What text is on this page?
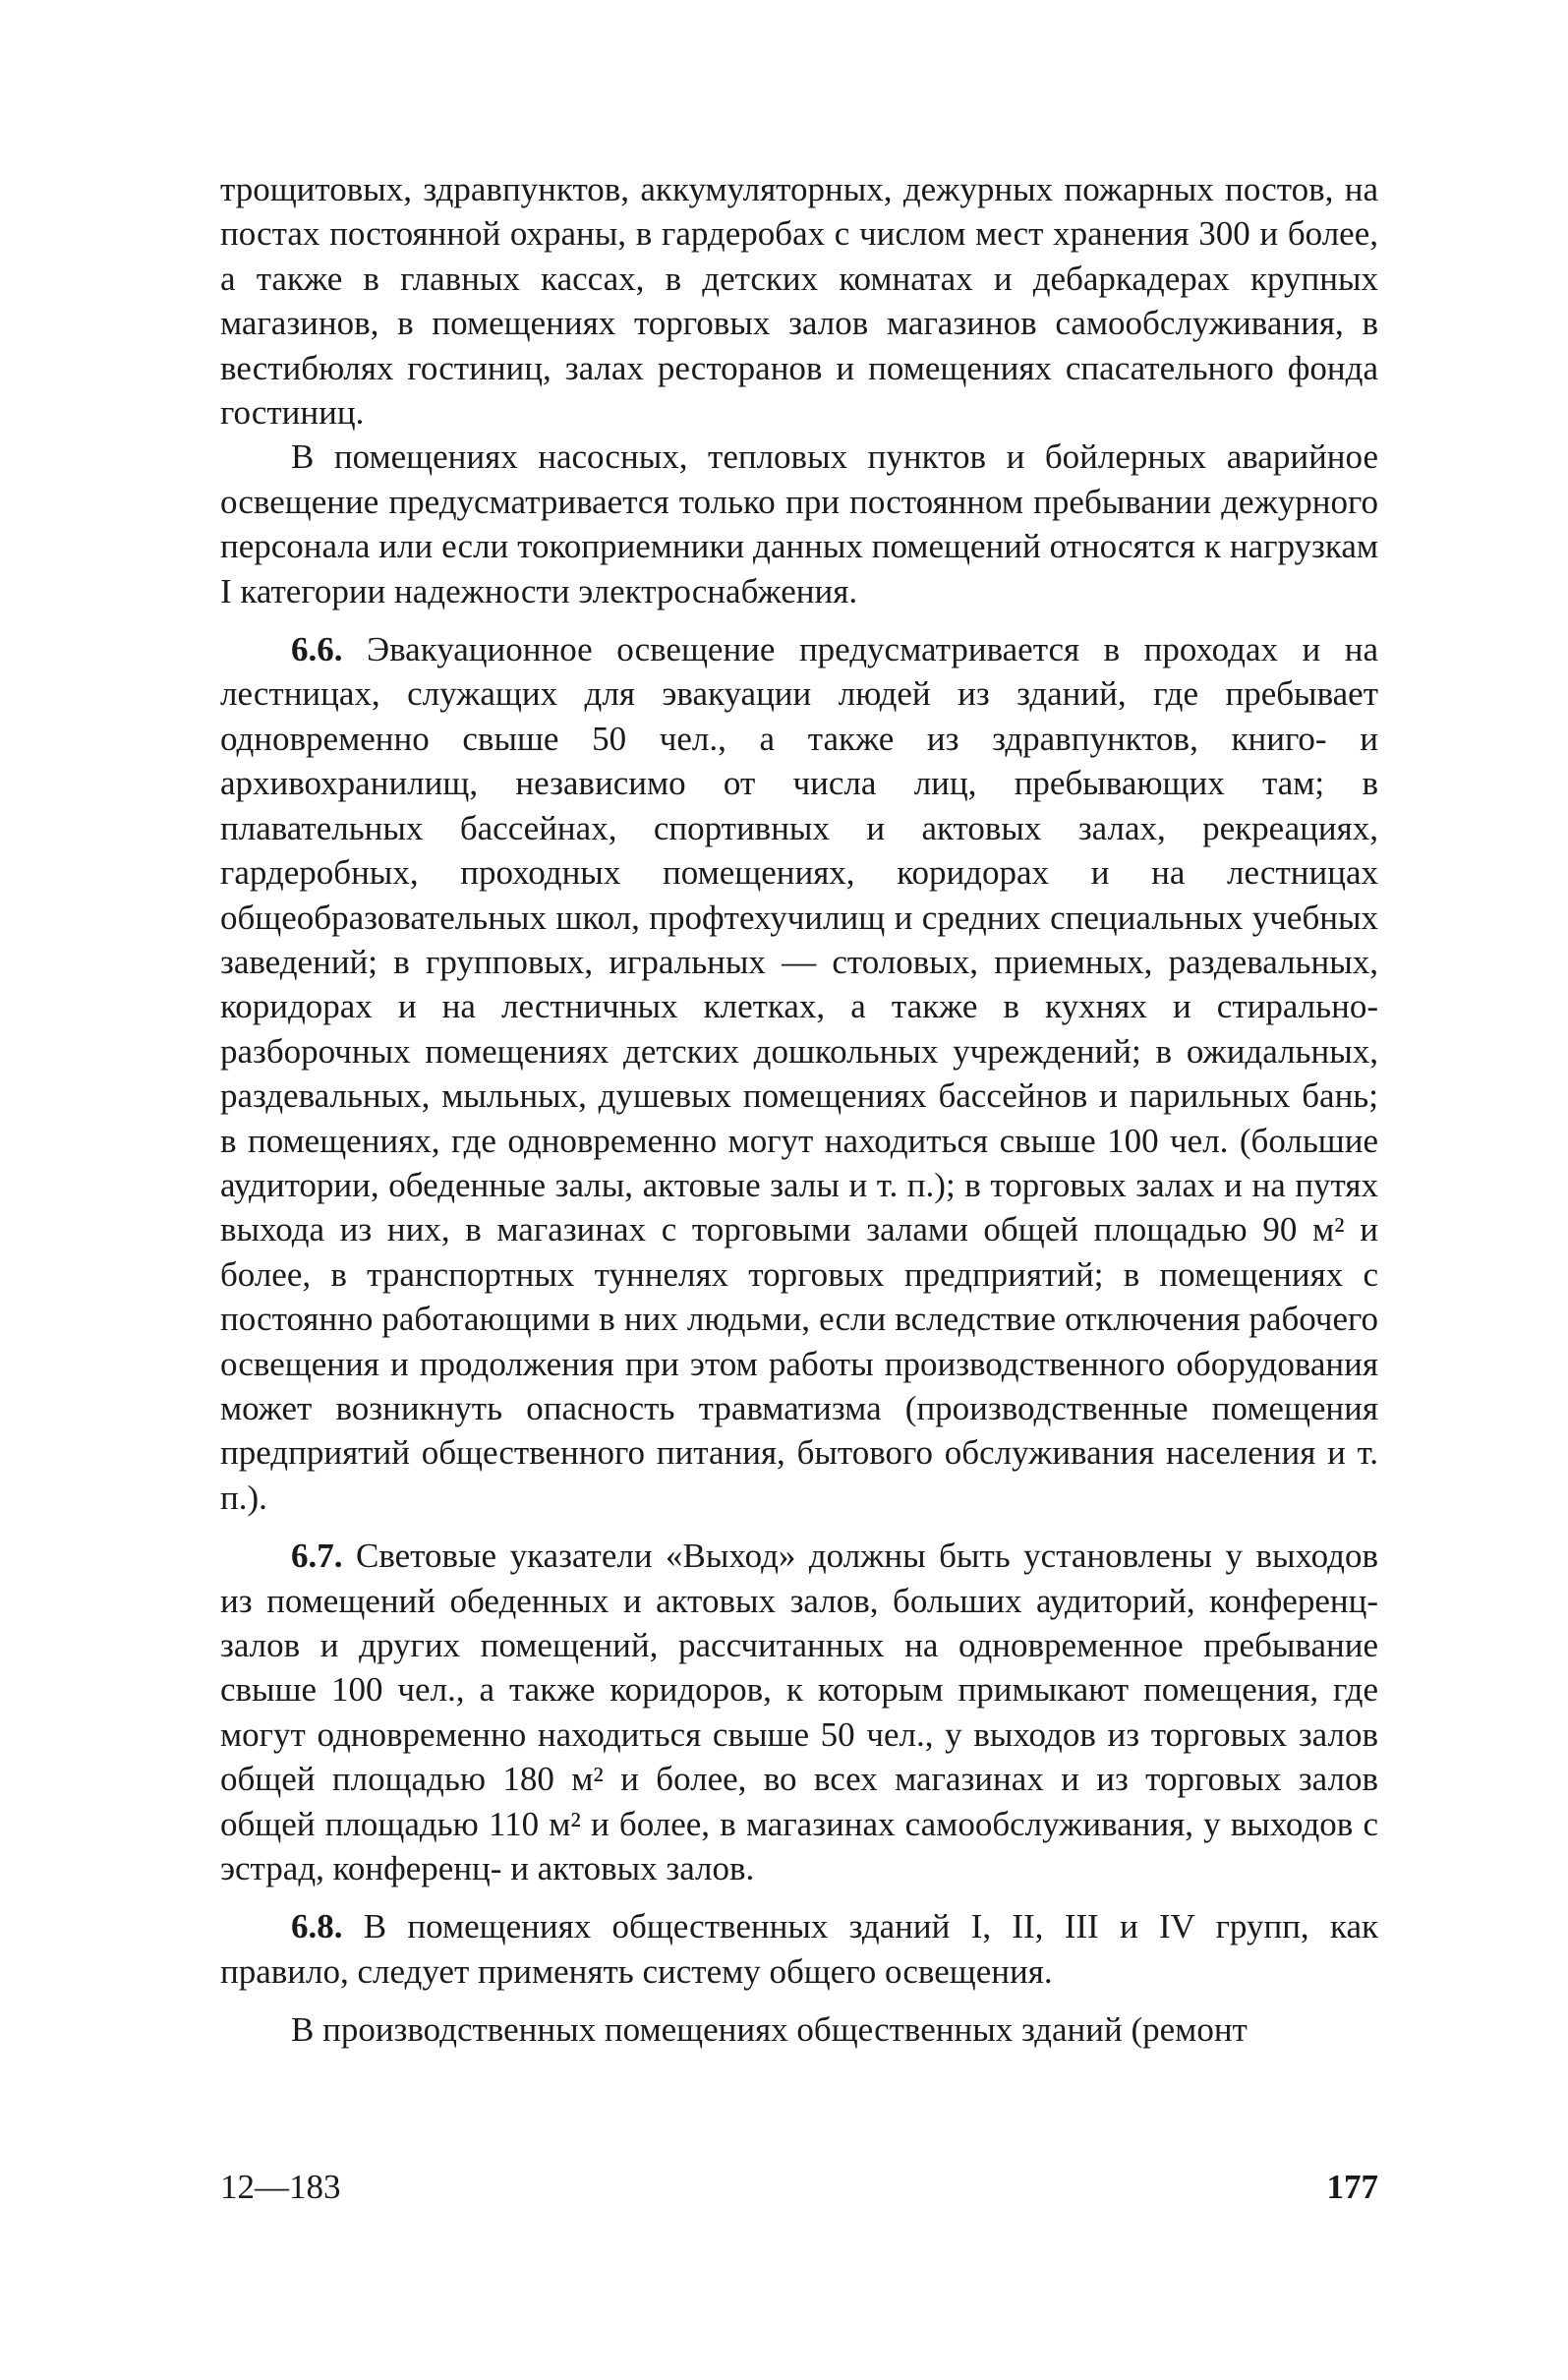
трощитовых, здравпунктов, аккумуляторных, дежурных пожарных постов, на постах постоянной охраны, в гардеробах с числом мест хранения 300 и более, а также в главных кассах, в детских комнатах и дебаркадерах крупных магазинов, в помещениях торговых залов магазинов самообслуживания, в вестибюлях гостиниц, залах ресторанов и помещениях спасательного фонда гостиниц.

В помещениях насосных, тепловых пунктов и бойлерных аварийное освещение предусматривается только при постоянном пребывании дежурного персонала или если токоприемники данных помещений относятся к нагрузкам I категории надежности электроснабжения.

6.6. Эвакуационное освещение предусматривается в проходах и на лестницах, служащих для эвакуации людей из зданий, где пребывает одновременно свыше 50 чел., а также из здравпунктов, книго- и архивохранилищ, независимо от числа лиц, пребывающих там; в плавательных бассейнах, спортивных и актовых залах, рекреациях, гардеробных, проходных помещениях, коридорах и на лестницах общеобразовательных школ, профтехучилищ и средних специальных учебных заведений; в групповых, игральных — столовых, приемных, раздевальных, коридорах и на лестничных клетках, а также в кухнях и стирально-разборочных помещениях детских дошкольных учреждений; в ожидальных, раздевальных, мыльных, душевых помещениях бассейнов и парильных бань; в помещениях, где одновременно могут находиться свыше 100 чел. (большие аудитории, обеденные залы, актовые залы и т. п.); в торговых залах и на путях выхода из них, в магазинах с торговыми залами общей площадью 90 м² и более, в транспортных туннелях торговых предприятий; в помещениях с постоянно работающими в них людьми, если вследствие отключения рабочего освещения и продолжения при этом работы производственного оборудования может возникнуть опасность травматизма (производственные помещения предприятий общественного питания, бытового обслуживания населения и т. п.).

6.7. Световые указатели «Выход» должны быть установлены у выходов из помещений обеденных и актовых залов, больших аудиторий, конференц-залов и других помещений, рассчитанных на одновременное пребывание свыше 100 чел., а также коридоров, к которым примыкают помещения, где могут одновременно находиться свыше 50 чел., у выходов из торговых залов общей площадью 180 м² и более, во всех магазинах и из торговых залов общей площадью 110 м² и более, в магазинах самообслуживания, у выходов с эстрад, конференц- и актовых залов.

6.8. В помещениях общественных зданий I, II, III и IV групп, как правило, следует применять систему общего освещения.

В производственных помещениях общественных зданий (ремонт

12—183	177
